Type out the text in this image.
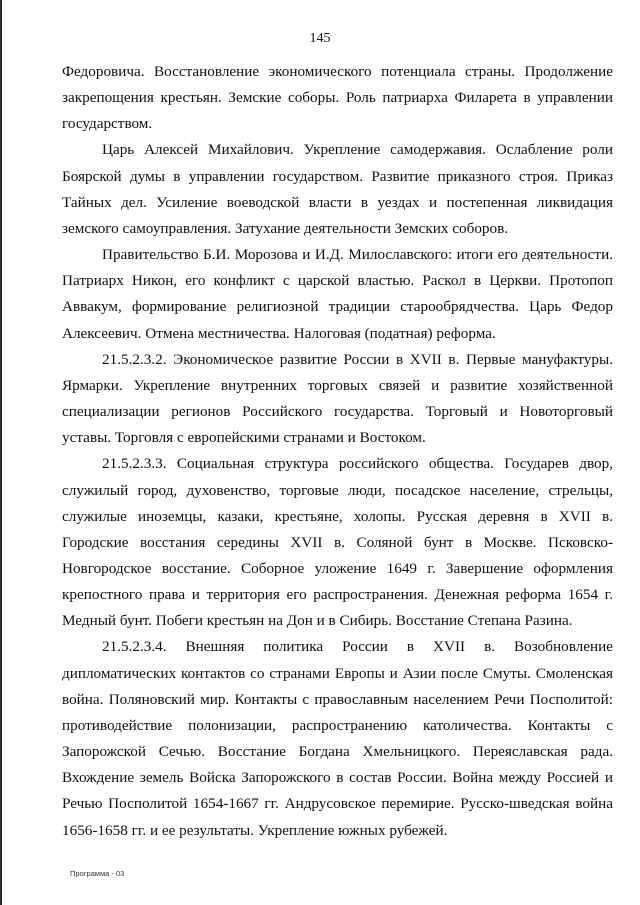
145

Федоровича. Восстановление экономического потенциала страны. Продолжение закрепощения крестьян. Земские соборы. Роль патриарха Филарета в управлении государством.

Царь Алексей Михайлович. Укрепление самодержавия. Ослабление роли Боярской думы в управлении государством. Развитие приказного строя. Приказ Тайных дел. Усиление воеводской власти в уездах и постепенная ликвидация земского самоуправления. Затухание деятельности Земских соборов.

Правительство Б.И. Морозова и И.Д. Милославского: итоги его деятельности. Патриарх Никон, его конфликт с царской властью. Раскол в Церкви. Протопоп Аввакум, формирование религиозной традиции старообрядчества. Царь Федор Алексеевич. Отмена местничества. Налоговая (податная) реформа.

21.5.2.3.2. Экономическое развитие России в XVII в. Первые мануфактуры. Ярмарки. Укрепление внутренних торговых связей и развитие хозяйственной специализации регионов Российского государства. Торговый и Новоторговый уставы. Торговля с европейскими странами и Востоком.

21.5.2.3.3. Социальная структура российского общества. Государев двор, служилый город, духовенство, торговые люди, посадское население, стрельцы, служилые иноземцы, казаки, крестьяне, холопы. Русская деревня в XVII в. Городские восстания середины XVII в. Соляной бунт в Москве. Псковско-Новгородское восстание. Соборное уложение 1649 г. Завершение оформления крепостного права и территория его распространения. Денежная реформа 1654 г. Медный бунт. Побеги крестьян на Дон и в Сибирь. Восстание Степана Разина.

21.5.2.3.4. Внешняя политика России в XVII в. Возобновление дипломатических контактов со странами Европы и Азии после Смуты. Смоленская война. Поляновский мир. Контакты с православным населением Речи Посполитой: противодействие полонизации, распространению католичества. Контакты с Запорожской Сечью. Восстание Богдана Хмельницкого. Переяславская рада. Вхождение земель Войска Запорожского в состав России. Война между Россией и Речью Посполитой 1654-1667 гг. Андрусовское перемирие. Русско-шведская война 1656-1658 гг. и ее результаты. Укрепление южных рубежей.

Программа - 03
